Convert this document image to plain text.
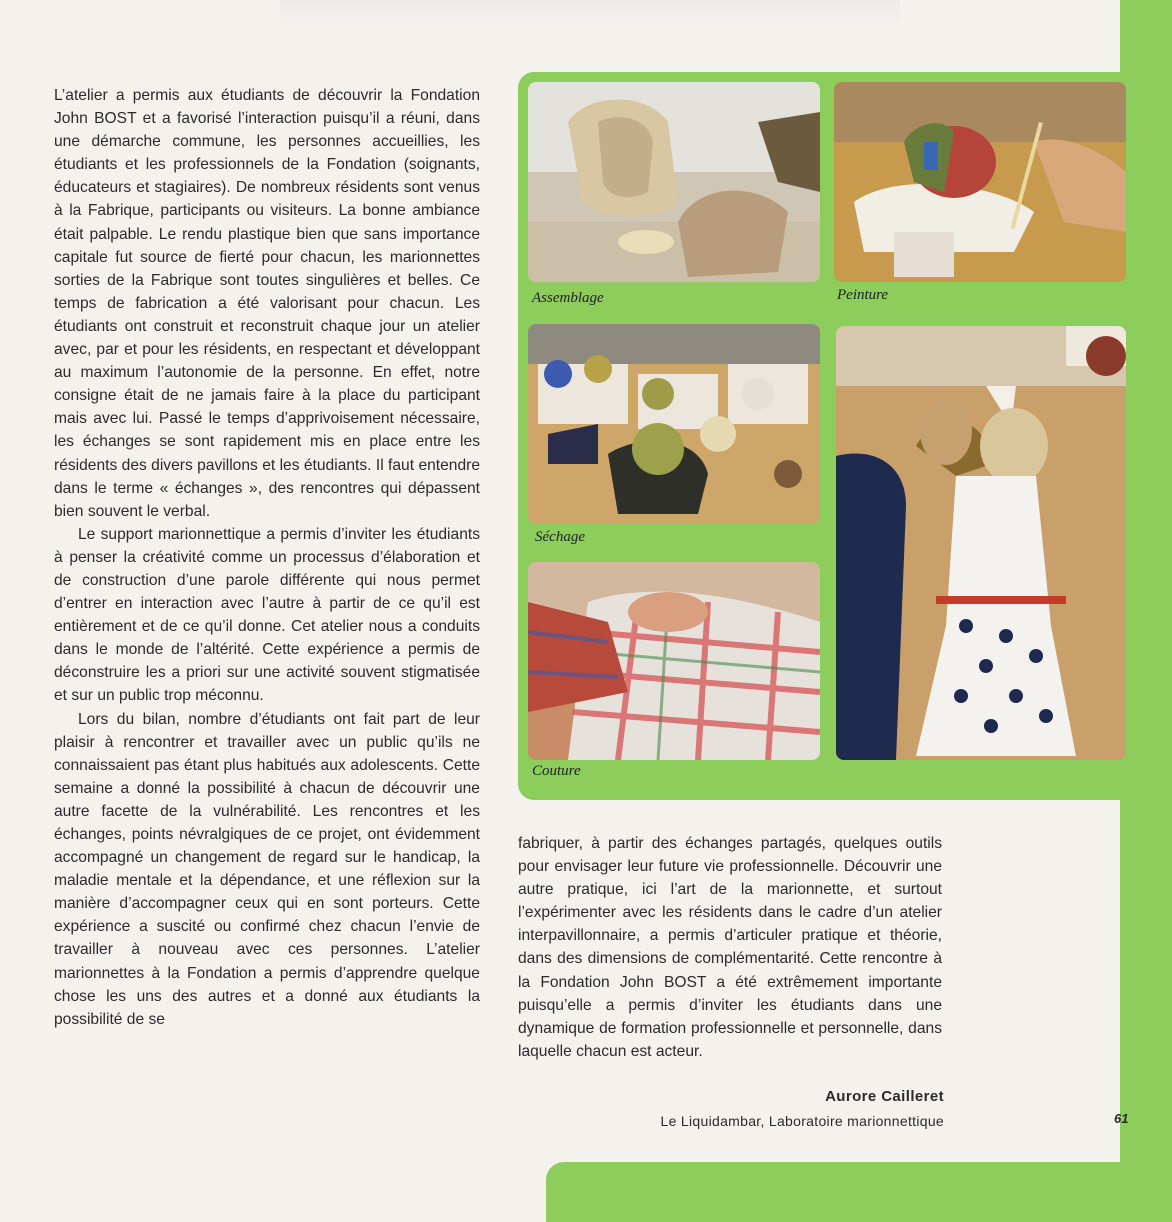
Assemblage	Peinture
Séchage
Couture

L’atelier a permis aux étudiants de découvrir la Fondation John BOST et a favorisé l’interaction puisqu’il a réuni, dans une démarche commune, les personnes accueillies, les étudiants et les professionnels de la Fondation (soignants, éducateurs et stagiaires). De nombreux résidents sont venus à la Fabrique, participants ou visiteurs. La bonne ambiance était palpable. Le rendu plastique bien que sans importance capitale fut source de fierté pour chacun, les marionnettes sorties de la Fabrique sont toutes singulières et belles. Ce temps de fabrication a été valorisant pour chacun. Les étudiants ont construit et reconstruit chaque jour un atelier avec, par et pour les résidents, en respectant et développant au maximum l’autonomie de la personne. En effet, notre consigne était de ne jamais faire à la place du participant mais avec lui. Passé le temps d’apprivoisement nécessaire, les échanges se sont rapidement mis en place entre les résidents des divers pavillons et les étudiants. Il faut entendre dans le terme « échanges », des rencontres qui dépassent bien souvent le verbal.

Le support marionnettique a permis d’inviter les étudiants à penser la créativité comme un processus d’élaboration et de construction d’une parole différente qui nous permet d’entrer en interaction avec l’autre à partir de ce qu’il est entièrement et de ce qu’il donne. Cet atelier nous a conduits dans le monde de l’altérité. Cette expérience a permis de déconstruire les a priori sur une activité souvent stigmatisée et sur un public trop méconnu.

Lors du bilan, nombre d’étudiants ont fait part de leur plaisir à rencontrer et travailler avec un public qu’ils ne connaissaient pas étant plus habitués aux adolescents. Cette semaine a donné la possibilité à chacun de découvrir une autre facette de la vulnérabilité. Les rencontres et les échanges, points névralgiques de ce projet, ont évidemment accompagné un changement de regard sur le handicap, la maladie mentale et la dépendance, et une réflexion sur la manière d’accompagner ceux qui en sont porteurs. Cette expérience a suscité ou confirmé chez chacun l’envie de travailler à nouveau avec ces personnes. L’atelier marionnettes à la Fondation a permis d’apprendre quelque chose les uns des autres et a donné aux étudiants la possibilité de se

fabriquer, à partir des échanges partagés, quelques outils pour envisager leur future vie professionnelle. Découvrir une autre pratique, ici l’art de la marionnette, et surtout l’expérimenter avec les résidents dans le cadre d’un atelier interpavillonnaire, a permis d’articuler pratique et théorie, dans des dimensions de complémentarité. Cette rencontre à la Fondation John BOST a été extrêmement importante puisqu’elle a permis d’inviter les étudiants dans une dynamique de formation professionnelle et personnelle, dans laquelle chacun est acteur.

Aurore Cailleret
Le Liquidambar, Laboratoire marionnettique	61
